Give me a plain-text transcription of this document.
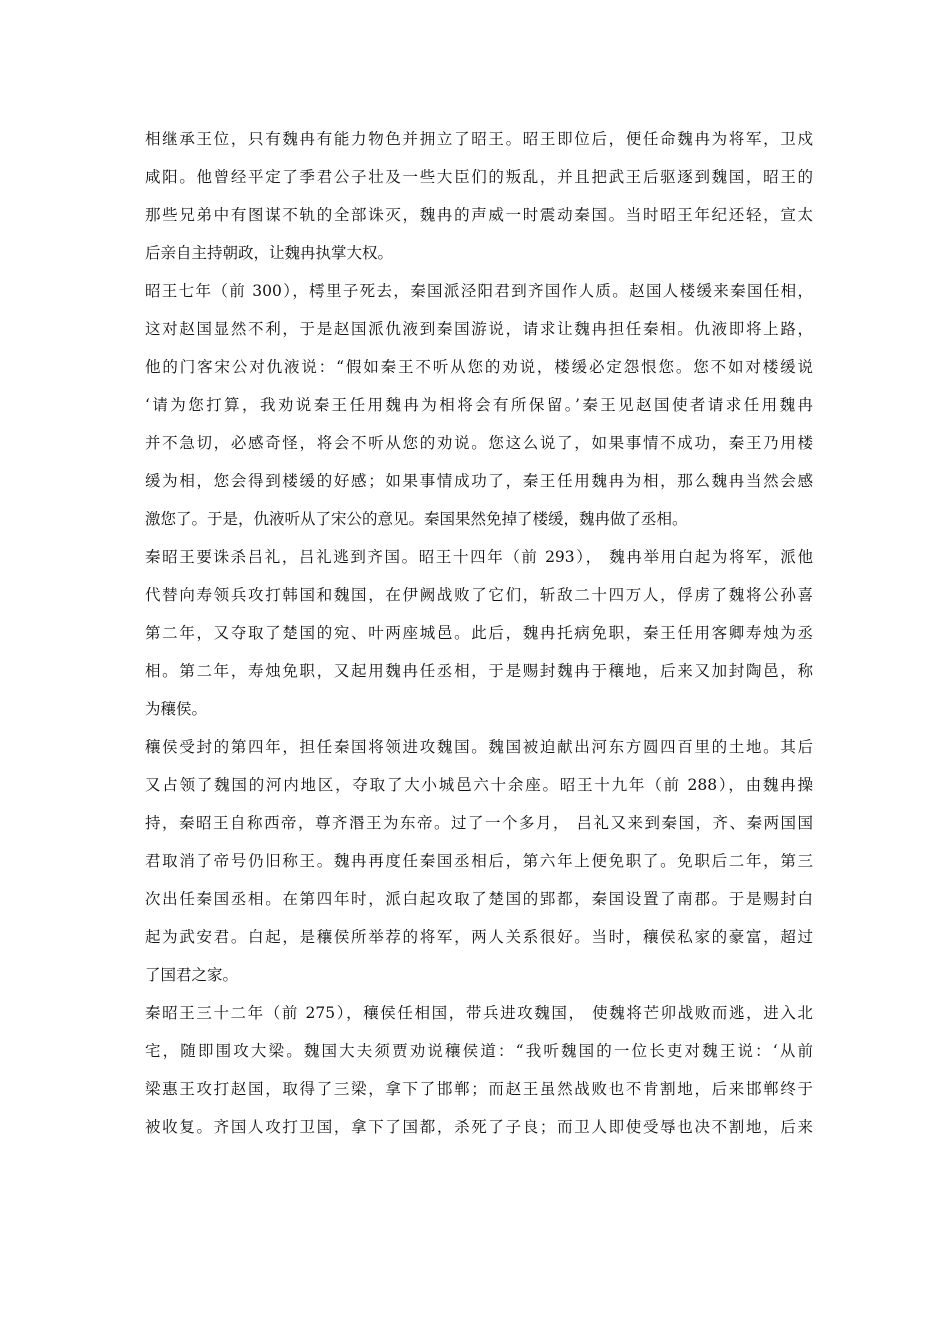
相继承王位，只有魏冉有能力物色并拥立了昭王。昭王即位后，便任命魏冉为将军，卫戍
咸阳。他曾经平定了季君公子壮及一些大臣们的叛乱，并且把武王后驱逐到魏国，昭王的
那些兄弟中有图谋不轨的全部诛灭，魏冉的声威一时震动秦国。当时昭王年纪还轻，宣太
后亲自主持朝政，让魏冉执掌大权。
昭王七年（前 300），樗里子死去，秦国派泾阳君到齐国作人质。赵国人楼缓来秦国任相，
这对赵国显然不利，于是赵国派仇液到秦国游说，请求让魏冉担任秦相。仇液即将上路，
他的门客宋公对仇液说：“假如秦王不听从您的劝说，楼缓必定怨恨您。您不如对楼缓说
‘请为您打算，我劝说秦王任用魏冉为相将会有所保留。’秦王见赵国使者请求任用魏冉
并不急切，必感奇怪，将会不听从您的劝说。您这么说了，如果事情不成功，秦王乃用楼
缓为相，您会得到楼缓的好感；如果事情成功了，秦王任用魏冉为相，那么魏冉当然会感
激您了。于是，仇液听从了宋公的意见。秦国果然免掉了楼缓，魏冉做了丞相。
秦昭王要诛杀吕礼，吕礼逃到齐国。昭王十四年（前 293）， 魏冉举用白起为将军，派他
代替向寿领兵攻打韩国和魏国，在伊阙战败了它们，斩敌二十四万人，俘虏了魏将公孙喜
第二年，又夺取了楚国的宛、叶两座城邑。此后，魏冉托病免职，秦王任用客卿寿烛为丞
相。第二年，寿烛免职，又起用魏冉任丞相，于是赐封魏冉于穰地，后来又加封陶邑，称
为穰侯。
穰侯受封的第四年，担任秦国将领进攻魏国。魏国被迫献出河东方圆四百里的土地。其后
又占领了魏国的河内地区，夺取了大小城邑六十余座。昭王十九年（前 288），由魏冉操
持，秦昭王自称西帝，尊齐湣王为东帝。过了一个多月， 吕礼又来到秦国，齐、秦两国国
君取消了帝号仍旧称王。魏冉再度任秦国丞相后，第六年上便免职了。免职后二年，第三
次出任秦国丞相。在第四年时，派白起攻取了楚国的郢都，秦国设置了南郡。于是赐封白
起为武安君。白起，是穰侯所举荐的将军，两人关系很好。当时，穰侯私家的豪富，超过
了国君之家。
秦昭王三十二年（前 275），穰侯任相国，带兵进攻魏国， 使魏将芒卯战败而逃，进入北
宅，随即围攻大梁。魏国大夫须贾劝说穰侯道：“我听魏国的一位长吏对魏王说：‘从前
梁惠王攻打赵国，取得了三梁，拿下了邯郸；而赵王虽然战败也不肯割地，后来邯郸终于
被收复。齐国人攻打卫国，拿下了国都，杀死了子良；而卫人即使受辱也决不割地，后来
